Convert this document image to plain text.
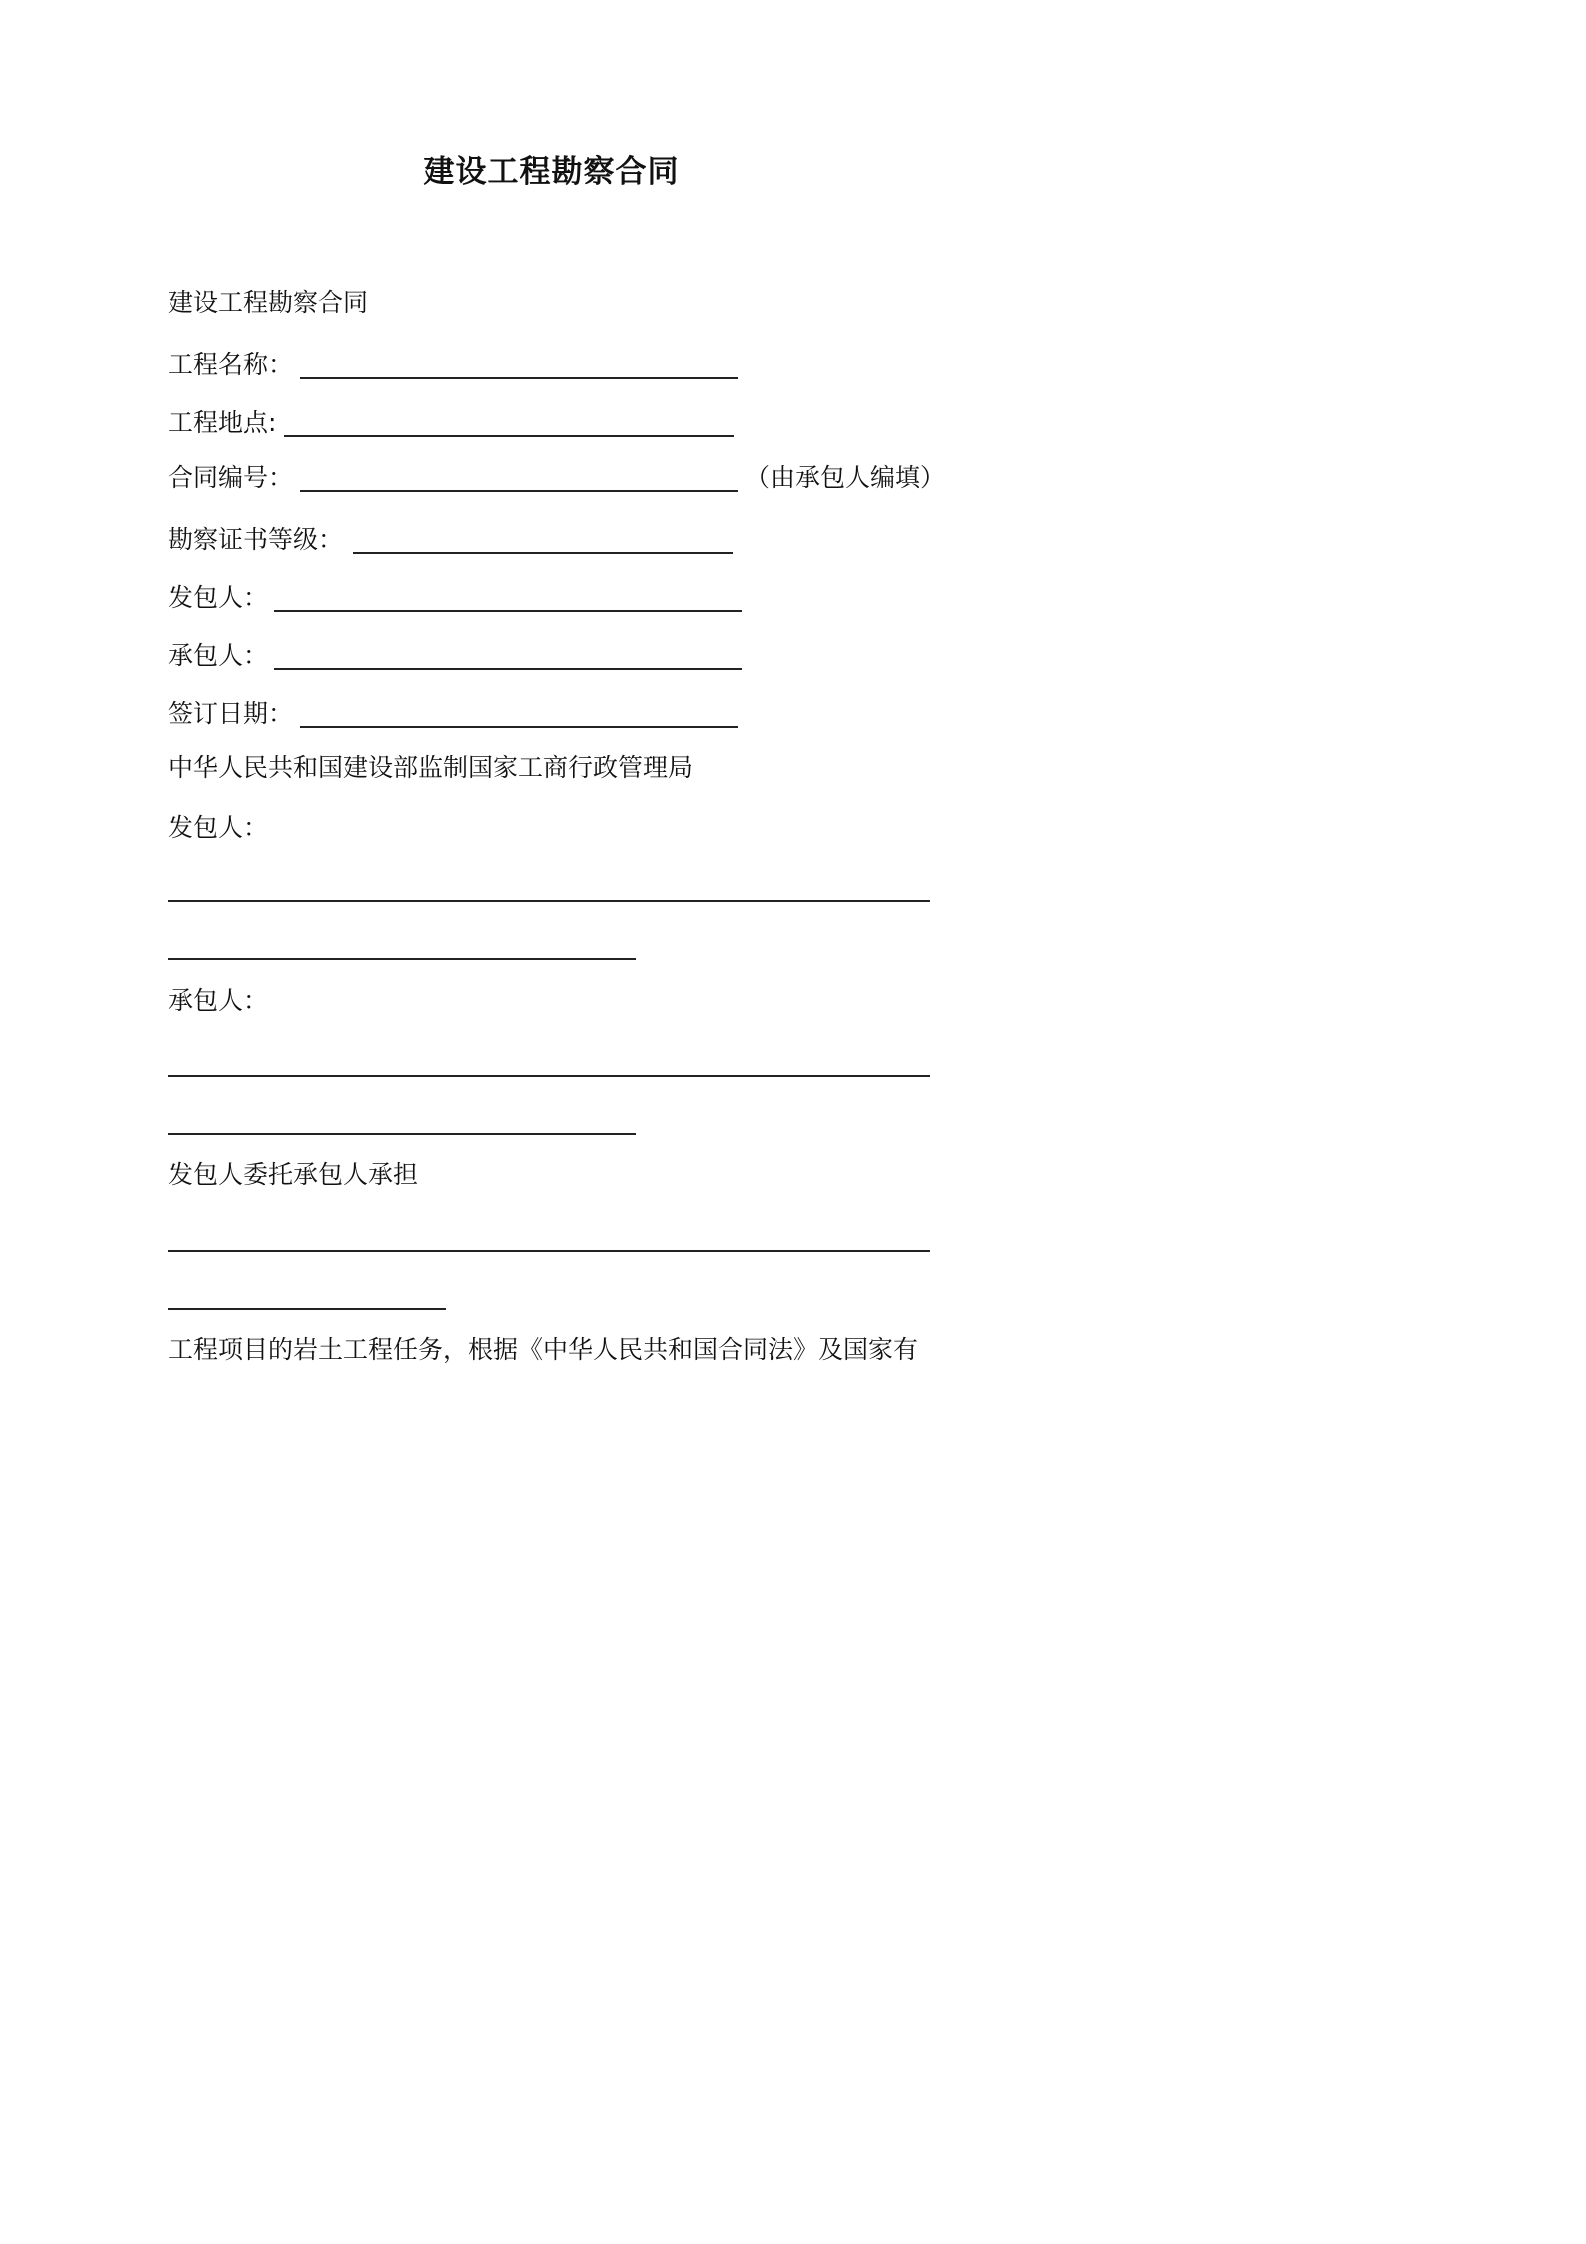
建设工程勘察合同
建设工程勘察合同
工程名称：
工程地点:
合同编号：	（由承包人编填）
勘察证书等级：
发包人：
承包人：
签订日期：
中华人民共和国建设部监制国家工商行政管理局
发包人：
承包人：
发包人委托承包人承担
工程项目的岩土工程任务，根据《中华人民共和国合同法》及国家有
